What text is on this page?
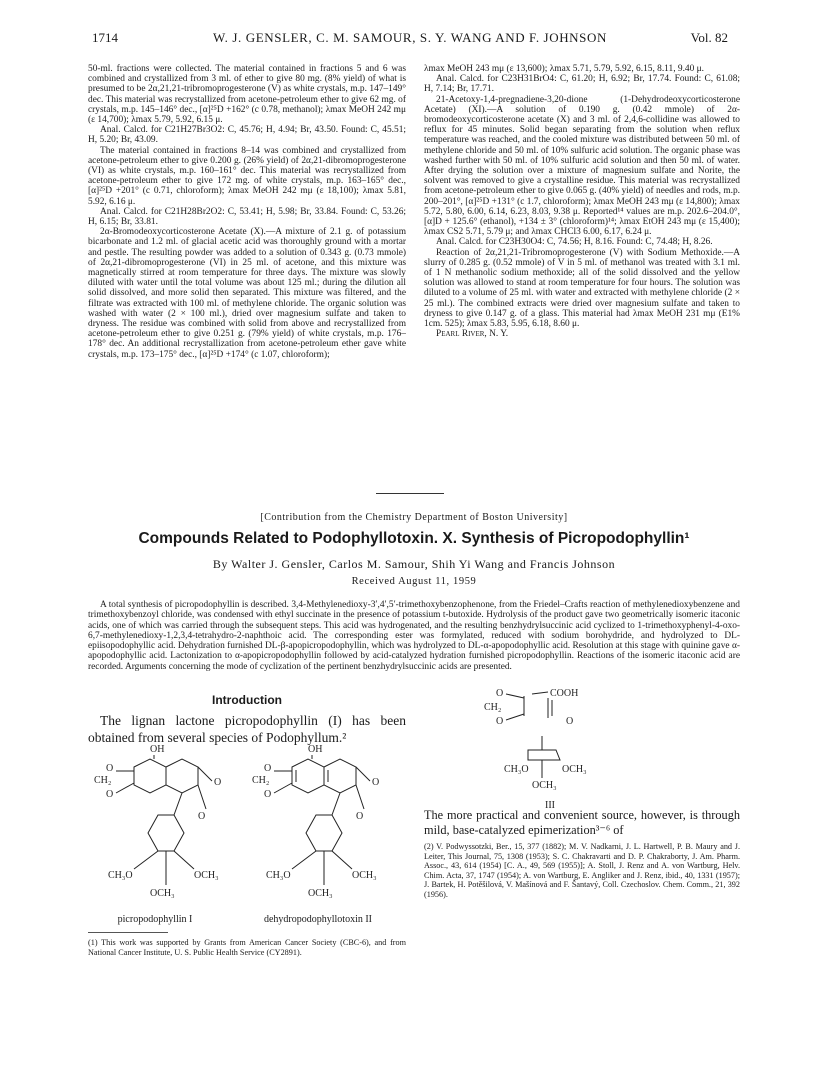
1714	W. J. GENSLER, C. M. SAMOUR, S. Y. WANG AND F. JOHNSON	Vol. 82

50-ml. fractions were collected. The material contained in fractions 5 and 6 was combined and crystallized from 3 ml. of ether to give 80 mg. (8% yield) of what is presumed to be 2α,21,21-tribromoprogesterone (V) as white crystals, m.p. 147–149° dec. This material was recrystallized from acetone-petroleum ether to give 62 mg. of crystals, m.p. 145–146° dec., [α]²⁵D +162° (c 0.78, methanol); λmax MeOH 242 mμ (ε 14,700); λmax 5.79, 5.92, 6.15 μ.

Anal. Calcd. for C21H27Br3O2: C, 45.76; H, 4.94; Br, 43.50. Found: C, 45.51; H, 5.20; Br, 43.09.

The material contained in fractions 8–14 was combined and crystallized from acetone-petroleum ether to give 0.200 g. (26% yield) of 2α,21-dibromoprogesterone (VI) as white crystals, m.p. 160–161° dec. This material was recrystallized from acetone-petroleum ether to give 172 mg. of white crystals, m.p. 163–165° dec., [α]²⁵D +201° (c 0.71, chloroform); λmax MeOH 242 mμ (ε 18,100); λmax 5.81, 5.92, 6.16 μ.

Anal. Calcd. for C21H28Br2O2: C, 53.41; H, 5.98; Br, 33.84. Found: C, 53.26; H, 6.15; Br, 33.81.

2α-Bromodeoxycorticosterone Acetate (X).—A mixture of 2.1 g. of potassium bicarbonate and 1.2 ml. of glacial acetic acid was thoroughly ground with a mortar and pestle. The resulting powder was added to a solution of 0.343 g. (0.73 mmole) of 2α,21-dibromoprogesterone (VI) in 25 ml. of acetone, and this mixture was magnetically stirred at room temperature for three days. The mixture was slowly diluted with water until the total volume was about 125 ml.; during the dilution all solid dissolved, and more solid then separated. This mixture was filtered, and the filtrate was extracted with 100 ml. of methylene chloride. The organic solution was washed with water (2 × 100 ml.), dried over magnesium sulfate and taken to dryness. The residue was combined with solid from above and recrystallized from acetone-petroleum ether to give 0.251 g. (79% yield) of white crystals, m.p. 176–178° dec. An additional recrystallization from acetone-petroleum ether gave white crystals, m.p. 173–175° dec., [α]²⁵D +174° (c 1.07, chloroform);

λmax MeOH 243 mμ (ε 13,600); λmax 5.71, 5.79, 5.92, 6.15, 8.11, 9.40 μ.

Anal. Calcd. for C23H31BrO4: C, 61.20; H, 6.92; Br, 17.74. Found: C, 61.08; H, 7.14; Br, 17.71.

21-Acetoxy-1,4-pregnadiene-3,20-dione (1-Dehydrodeoxycorticosterone Acetate) (XI).—A solution of 0.190 g. (0.42 mmole) of 2α-bromodeoxycorticosterone acetate (X) and 3 ml. of 2,4,6-collidine was allowed to reflux for 45 minutes. Solid began separating from the solution when reflux temperature was reached, and the cooled mixture was distributed between 50 ml. of methylene chloride and 50 ml. of 10% sulfuric acid solution. The organic phase was washed further with 50 ml. of 10% sulfuric acid solution and then 50 ml. of water. After drying the solution over a mixture of magnesium sulfate and Norite, the solvent was removed to give a crystalline residue. This material was recrystallized from acetone-petroleum ether to give 0.065 g. (40% yield) of needles and rods, m.p. 200–201°, [α]²⁵D +131° (c 1.7, chloroform); λmax MeOH 243 mμ (ε 14,800); λmax 5.72, 5.80, 6.00, 6.14, 6.23, 8.03, 9.38 μ. Reported¹⁴ values are m.p. 202.6–204.0°, [α]D + 125.6° (ethanol), +134 ± 3° (chloroform)¹⁴; λmax EtOH 243 mμ (ε 15,400); λmax CS2 5.71, 5.79 μ; and λmax CHCl3 6.00, 6.17, 6.24 μ.

Anal. Calcd. for C23H30O4: C, 74.56; H, 8.16. Found: C, 74.48; H, 8.26.

Reaction of 2α,21,21-Tribromoprogesterone (V) with Sodium Methoxide.—A slurry of 0.285 g. (0.52 mmole) of V in 5 ml. of methanol was treated with 3.1 ml. of 1 N methanolic sodium methoxide; all of the solid dissolved and the yellow solution was allowed to stand at room temperature for four hours. The solution was diluted to a volume of 25 ml. with water and extracted with methylene chloride (2 × 25 ml.). The combined extracts were dried over magnesium sulfate and taken to dryness to give 0.147 g. of a glass. This material had λmax MeOH 231 mμ (E1% 1cm. 525); λmax 5.83, 5.95, 6.18, 8.60 μ.

Pearl River, N. Y.

[Contribution from the Chemistry Department of Boston University]
Compounds Related to Podophyllotoxin. X. Synthesis of Picropodophyllin¹
By Walter J. Gensler, Carlos M. Samour, Shih Yi Wang and Francis Johnson
Received August 11, 1959
A total synthesis of picropodophyllin is described. 3,4-Methylenedioxy-3′,4′,5′-trimethoxybenzophenone, from the Friedel–Crafts reaction of methylenedioxybenzene and trimethoxybenzoyl chloride, was condensed with ethyl succinate in the presence of potassium t-butoxide. Hydrolysis of the product gave two geometrically isomeric itaconic acids, one of which was carried through the subsequent steps. This acid was hydrogenated, and the resulting benzhydrylsuccinic acid cyclized to 1-trimethoxyphenyl-4-oxo-6,7-methylenedioxy-1,2,3,4-tetrahydro-2-naphthoic acid. The corresponding ester was formylated, reduced with sodium borohydride, and hydrolyzed to DL-epiisopodophyllic acid. Dehydration furnished DL-β-apopicropodophyllin, which was hydrolyzed to DL-α-apopodophyllic acid. Resolution at this stage with quinine gave α-apopodophyllic acid. Lactonization to α-apopicropodophyllin followed by acid-catalyzed hydration furnished picropodophyllin. Reactions of the isomeric itaconic acid are recorded. Arguments concerning the mode of cyclization of the pertinent benzhydrylsuccinic acids are presented.
Introduction
The lignan lactone picropodophyllin (I) has been obtained from several species of Podophyllum.²
OH
O
CH₂
O
O
O
CH₃O	OCH₃
OCH₃
picropodophyllin I
OH
O
CH₂
O
O
O
CH₃O	OCH₃
OCH₃
dehydropodophyllotoxin II
O	COOH
CH₂
O	O
CH₃O	OCH₃
OCH₃
III
The more practical and convenient source, however, is through mild, base-catalyzed epimerization³⁻⁶ of
(1) This work was supported by Grants from American Cancer Society (CBC-6), and from National Cancer Institute, U. S. Public Health Service (CY2891).
(2) V. Podwyssotzki, Ber., 15, 377 (1882); M. V. Nadkarni, J. L. Hartwell, P. B. Maury and J. Leiter, This Journal, 75, 1308 (1953); S. C. Chakravarti and D. P. Chakraborty, J. Am. Pharm. Assoc., 43, 614 (1954) [C. A., 49, 569 (1955)]; A. Stoll, J. Renz and A. von Wartburg, Helv. Chim. Acta, 37, 1747 (1954); A. von Wartburg, E. Angliker and J. Renz, ibid., 40, 1331 (1957); J. Bartek, H. Potěšilová, V. Mašínová and F. Šantavý, Coll. Czechoslov. Chem. Comm., 21, 392 (1956).
